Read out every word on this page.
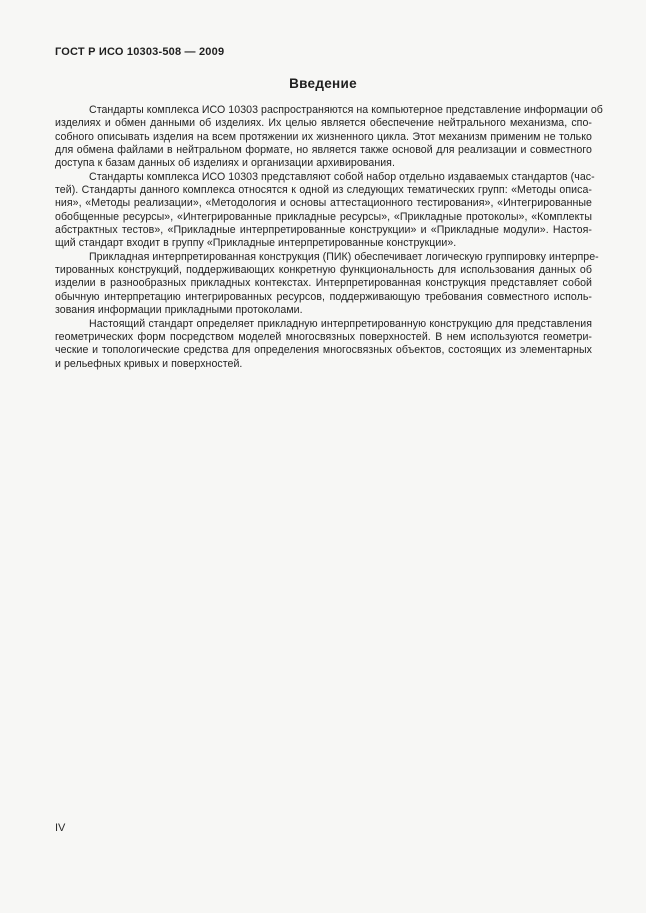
ГОСТ Р ИСО 10303-508 — 2009
Введение
Стандарты комплекса ИСО 10303 распространяются на компьютерное представление информации об
изделиях и обмен данными об изделиях. Их целью является обеспечение нейтрального механизма, спо-
собного описывать изделия на всем протяжении их жизненного цикла. Этот механизм применим не только
для обмена файлами в нейтральном формате, но является также основой для реализации и совместного
доступа к базам данных об изделиях и организации архивирования.
Стандарты комплекса ИСО 10303 представляют собой набор отдельно издаваемых стандартов (час-
тей). Стандарты данного комплекса относятся к одной из следующих тематических групп: «Методы описа-
ния», «Методы реализации», «Методология и основы аттестационного тестирования», «Интегрированные
обобщенные ресурсы», «Интегрированные прикладные ресурсы», «Прикладные протоколы», «Комплекты
абстрактных тестов», «Прикладные интерпретированные конструкции» и «Прикладные модули». Настоя-
щий стандарт входит в группу «Прикладные интерпретированные конструкции».
Прикладная интерпретированная конструкция (ПИК) обеспечивает логическую группировку интерпре-
тированных конструкций, поддерживающих конкретную функциональность для использования данных об
изделии в разнообразных прикладных контекстах. Интерпретированная конструкция представляет собой
обычную интерпретацию интегрированных ресурсов, поддерживающую требования совместного исполь-
зования информации прикладными протоколами.
Настоящий стандарт определяет прикладную интерпретированную конструкцию для представления
геометрических форм посредством моделей многосвязных поверхностей. В нем используются геометри-
ческие и топологические средства для определения многосвязных объектов, состоящих из элементарных
и рельефных кривых и поверхностей.
IV
